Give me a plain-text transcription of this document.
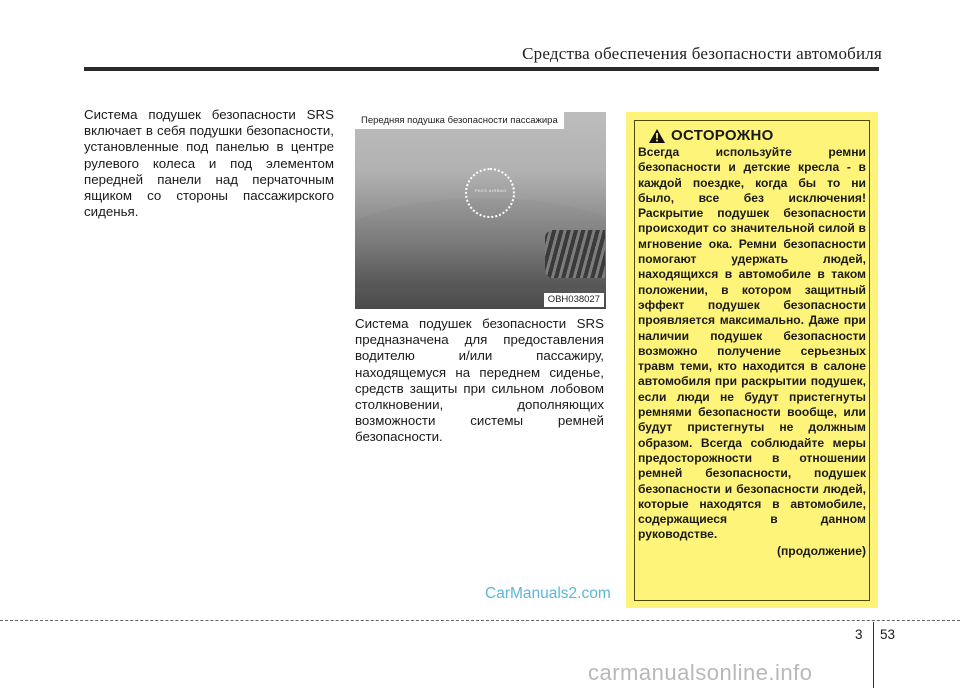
Средства обеспечения безопасности автомобиля
Система подушек безопасности SRS включает в себя подушки безопасности, установленные под панелью в центре рулевого колеса и под элементом передней панели над перчаточным ящиком со стороны пассажирского сиденья.
PASS AIRBAG
Передняя подушка безопасности пассажира
OBH038027
Система подушек безопасности SRS предназначена для предоставления водителю и/или пассажиру, находящемуся на переднем сиденье, средств защиты при сильном лобовом столкновении, дополняющих возможности системы ремней безопасности.
ОСТОРОЖНО
Всегда используйте ремни безопасности и детские кресла - в каждой поездке, когда бы то ни было, все без исключения! Раскрытие подушек безопасности происходит со значительной силой в мгновение ока. Ремни безопасности помогают удержать людей, находящихся в автомобиле в таком положении, в котором защитный эффект подушек безопасности проявляется максимально. Даже при наличии подушек безопасности возможно получение серьезных травм теми, кто находится в салоне автомобиля при раскрытии подушек, если люди не будут пристегнуты ремнями безопасности вообще, или будут пристегнуты не должным образом. Всегда соблюдайте меры предосторожности в отношении ремней безопасности, подушек безопасности и безопасности людей, которые находятся в автомобиле, содержащиеся в данном руководстве.
(продолжение)
CarManuals2.com
3 53
carmanualsonline.info
